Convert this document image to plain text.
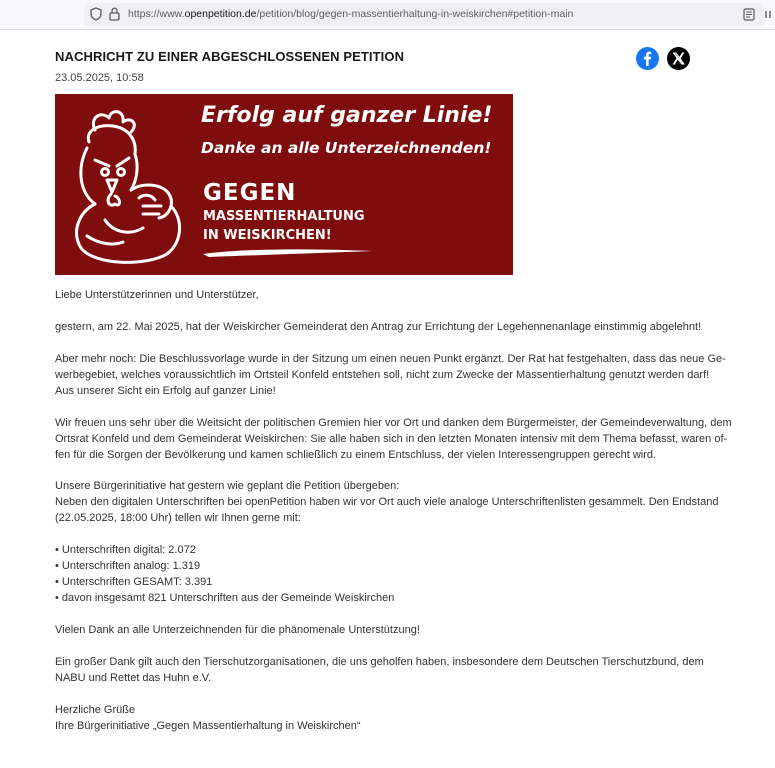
https://www.openpetition.de/petition/blog/gegen-massentierhaltung-in-weiskirchen#petition-main
NACHRICHT ZU EINER ABGESCHLOSSENEN PETITION
23.05.2025, 10:58
Erfolg auf ganzer Linie!
Danke an alle Unterzeichnenden!
GEGEN
MASSENTIERHALTUNG
IN WEISKIRCHEN!

Liebe Unterstützerinnen und Unterstützer,

gestern, am 22. Mai 2025, hat der Weiskircher Gemeinderat den Antrag zur Errichtung der Legehennenanlage einstimmig abgelehnt!

Aber mehr noch: Die Beschlussvorlage wurde in der Sitzung um einen neuen Punkt ergänzt. Der Rat hat festgehalten, dass das neue Ge-

werbegebiet, welches voraussichtlich im Ortsteil Konfeld entstehen soll, nicht zum Zwecke der Massentierhaltung genutzt werden darf!

Aus unserer Sicht ein Erfolg auf ganzer Linie!

Wir freuen uns sehr über die Weitsicht der politischen Gremien hier vor Ort und danken dem Bürgermeister, der Gemeindeverwaltung, dem

Ortsrat Konfeld und dem Gemeinderat Weiskirchen: Sie alle haben sich in den letzten Monaten intensiv mit dem Thema befasst, waren of-

fen für die Sorgen der Bevölkerung und kamen schließlich zu einem Entschluss, der vielen Interessengruppen gerecht wird.

Unsere Bürgerinitiative hat gestern wie geplant die Petition übergeben:

Neben den digitalen Unterschriften bei openPetition haben wir vor Ort auch viele analoge Unterschriftenlisten gesammelt. Den Endstand

(22.05.2025, 18:00 Uhr) tellen wir Ihnen gerne mit:

• Unterschriften digital: 2.072

• Unterschriften analog: 1.319

• Unterschriften GESAMT: 3.391

• davon insgesamt 821 Unterschriften aus der Gemeinde Weiskirchen

Vielen Dank an alle Unterzeichnenden für die phänomenale Unterstützung!

Ein großer Dank gilt auch den Tierschutzorganisationen, die uns geholfen haben, insbesondere dem Deutschen Tierschutzbund, dem

NABU und Rettet das Huhn e.V.

Herzliche Grüße

Ihre Bürgerinitiative „Gegen Massentierhaltung in Weiskirchen“
